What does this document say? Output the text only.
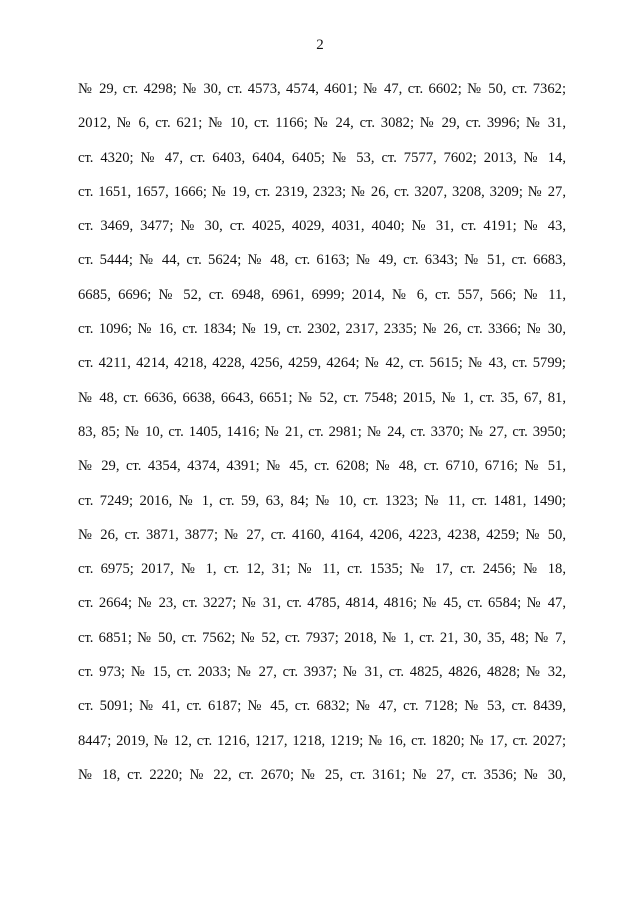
2
№ 29, ст. 4298; № 30, ст. 4573, 4574, 4601; № 47, ст. 6602; № 50, ст. 7362;
2012, № 6, ст. 621; № 10, ст. 1166; № 24, ст. 3082; № 29, ст. 3996; № 31,
ст. 4320; № 47, ст. 6403, 6404, 6405; № 53, ст. 7577, 7602; 2013, № 14,
ст. 1651, 1657, 1666; № 19, ст. 2319, 2323; № 26, ст. 3207, 3208, 3209; № 27,
ст. 3469, 3477; № 30, ст. 4025, 4029, 4031, 4040; № 31, ст. 4191; № 43,
ст. 5444; № 44, ст. 5624; № 48, ст. 6163; № 49, ст. 6343; № 51, ст. 6683,
6685, 6696; № 52, ст. 6948, 6961, 6999; 2014, № 6, ст. 557, 566; № 11,
ст. 1096; № 16, ст. 1834; № 19, ст. 2302, 2317, 2335; № 26, ст. 3366; № 30,
ст. 4211, 4214, 4218, 4228, 4256, 4259, 4264; № 42, ст. 5615; № 43, ст. 5799;
№ 48, ст. 6636, 6638, 6643, 6651; № 52, ст. 7548; 2015, № 1, ст. 35, 67, 81,
83, 85; № 10, ст. 1405, 1416; № 21, ст. 2981; № 24, ст. 3370; № 27, ст. 3950;
№ 29, ст. 4354, 4374, 4391; № 45, ст. 6208; № 48, ст. 6710, 6716; № 51,
ст. 7249; 2016, № 1, ст. 59, 63, 84; № 10, ст. 1323; № 11, ст. 1481, 1490;
№ 26, ст. 3871, 3877; № 27, ст. 4160, 4164, 4206, 4223, 4238, 4259; № 50,
ст. 6975; 2017, № 1, ст. 12, 31; № 11, ст. 1535; № 17, ст. 2456; № 18,
ст. 2664; № 23, ст. 3227; № 31, ст. 4785, 4814, 4816; № 45, ст. 6584; № 47,
ст. 6851; № 50, ст. 7562; № 52, ст. 7937; 2018, № 1, ст. 21, 30, 35, 48; № 7,
ст. 973; № 15, ст. 2033; № 27, ст. 3937; № 31, ст. 4825, 4826, 4828; № 32,
ст. 5091; № 41, ст. 6187; № 45, ст. 6832; № 47, ст. 7128; № 53, ст. 8439,
8447; 2019, № 12, ст. 1216, 1217, 1218, 1219; № 16, ст. 1820; № 17, ст. 2027;
№ 18, ст. 2220; № 22, ст. 2670; № 25, ст. 3161; № 27, ст. 3536; № 30,
